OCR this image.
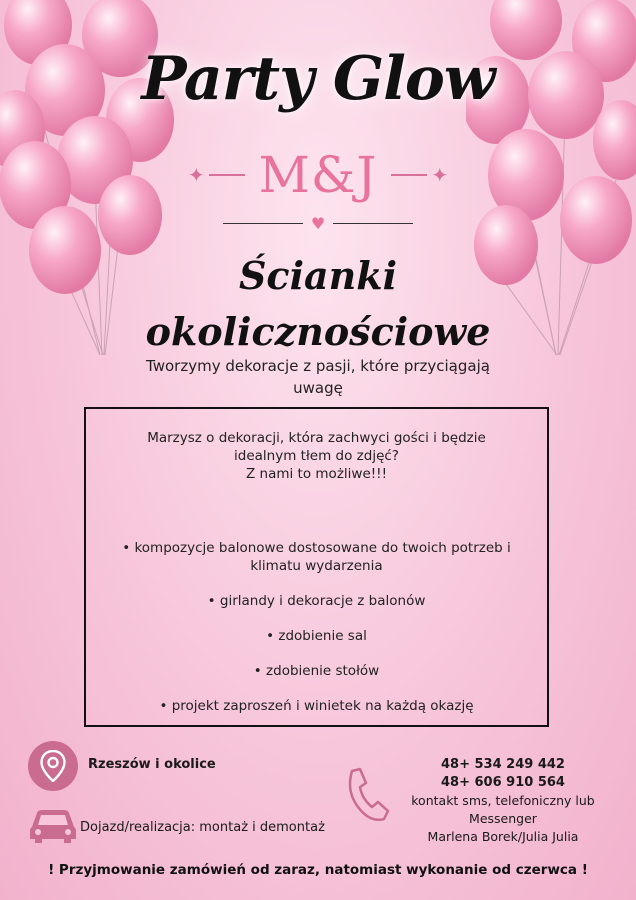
Party Glow
✦ M&J	✦
♥
Ścianki
okolicznościowe
Tworzymy dekoracje z pasji, które przyciągają uwagę
Marzysz o dekoracji, która zachwyci gości i będzie idealnym tłem do zdjęć?
Z nami to możliwe!!!
• kompozycje balonowe dostosowane do twoich potrzeb i klimatu wydarzenia
• girlandy i dekoracje z balonów
• zdobienie sal
• zdobienie stołów
• projekt zaproszeń i winietek na każdą okazję
Rzeszów i okolice
Dojazd/realizacja: montaż i demontaż
48+ 534 249 442
48+ 606 910 564
kontakt sms, telefoniczny lub Messenger
Marlena Borek/Julia Julia
! Przyjmowanie zamówień od zaraz, natomiast wykonanie od czerwca !
